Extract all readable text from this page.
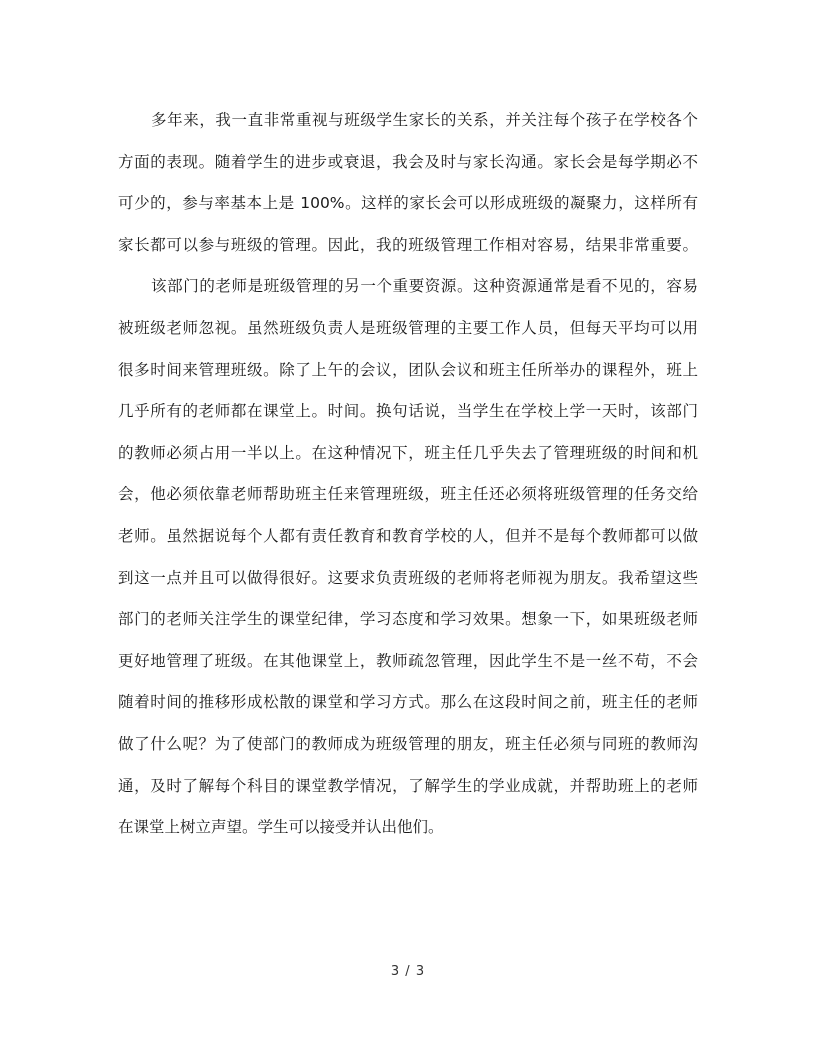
多年来，我一直非常重视与班级学生家长的关系，并关注每个孩子在学校各个
方面的表现。随着学生的进步或衰退，我会及时与家长沟通。家长会是每学期必不
可少的，参与率基本上是 100%。这样的家长会可以形成班级的凝聚力，这样所有
家长都可以参与班级的管理。因此，我的班级管理工作相对容易，结果非常重要。
该部门的老师是班级管理的另一个重要资源。这种资源通常是看不见的，容易
被班级老师忽视。虽然班级负责人是班级管理的主要工作人员，但每天平均可以用
很多时间来管理班级。除了上午的会议，团队会议和班主任所举办的课程外，班上
几乎所有的老师都在课堂上。时间。换句话说，当学生在学校上学一天时，该部门
的教师必须占用一半以上。在这种情况下，班主任几乎失去了管理班级的时间和机
会，他必须依靠老师帮助班主任来管理班级，班主任还必须将班级管理的任务交给
老师。虽然据说每个人都有责任教育和教育学校的人，但并不是每个教师都可以做
到这一点并且可以做得很好。这要求负责班级的老师将老师视为朋友。我希望这些
部门的老师关注学生的课堂纪律，学习态度和学习效果。想象一下，如果班级老师
更好地管理了班级。在其他课堂上，教师疏忽管理，因此学生不是一丝不苟，不会
随着时间的推移形成松散的课堂和学习方式。那么在这段时间之前，班主任的老师
做了什么呢？为了使部门的教师成为班级管理的朋友，班主任必须与同班的教师沟
通，及时了解每个科目的课堂教学情况，了解学生的学业成就，并帮助班上的老师
在课堂上树立声望。学生可以接受并认出他们。
3 / 3
